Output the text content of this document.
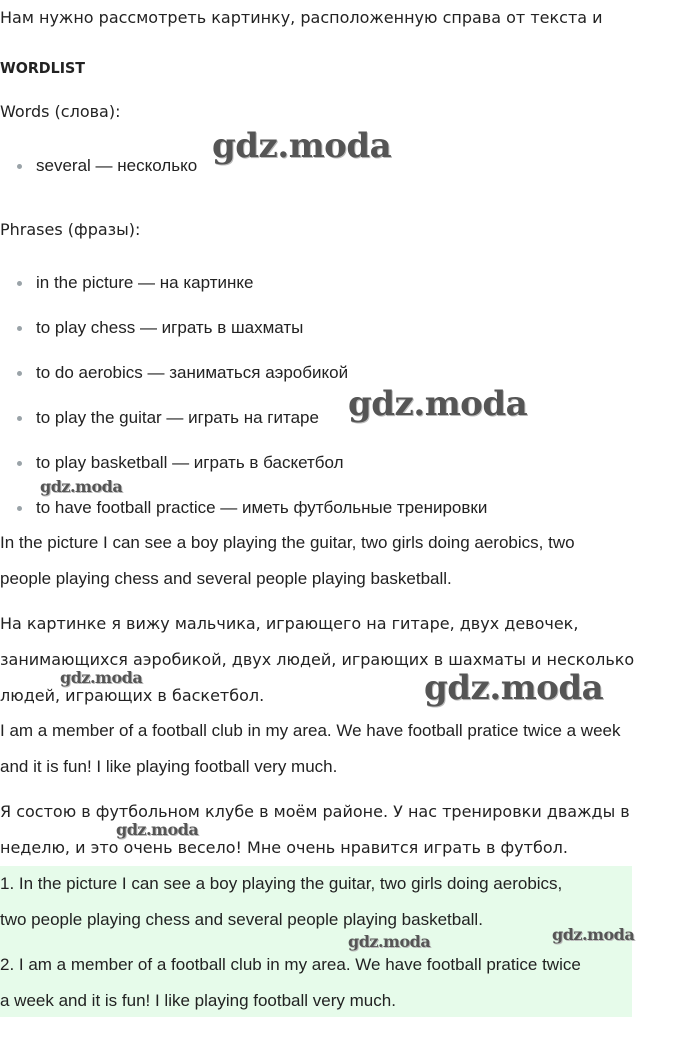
Нам нужно рассмотреть картинку, расположенную справа от текста и

WORDLIST

Words (слова):

several — несколько

Phrases (фразы):

in the picture — на картинке
to play chess — играть в шахматы
to do aerobics — заниматься аэробикой
to play the guitar — играть на гитаре
to play basketball — играть в баскетбол
to have football practice — иметь футбольные тренировки

In the picture I can see a boy playing the guitar, two girls doing aerobics, two

people playing chess and several people playing basketball.

На картинке я вижу мальчика, играющего на гитаре, двух девочек,

занимающихся аэробикой, двух людей, играющих в шахматы и несколько

людей, играющих в баскетбол.

I am a member of a football club in my area. We have football pratice twice a week

and it is fun! I like playing football very much.

Я состою в футбольном клубе в моём районе. У нас тренировки дважды в

неделю, и это очень весело! Мне очень нравится играть в футбол.

1. In the picture I can see a boy playing the guitar, two girls doing aerobics,

two people playing chess and several people playing basketball.

2. I am a member of a football club in my area. We have football pratice twice

a week and it is fun! I like playing football very much.

gdz.moda
gdz.moda
gdz.moda
gdz.moda	gdz.moda
gdz.moda
gdz.moda
gdz.moda
